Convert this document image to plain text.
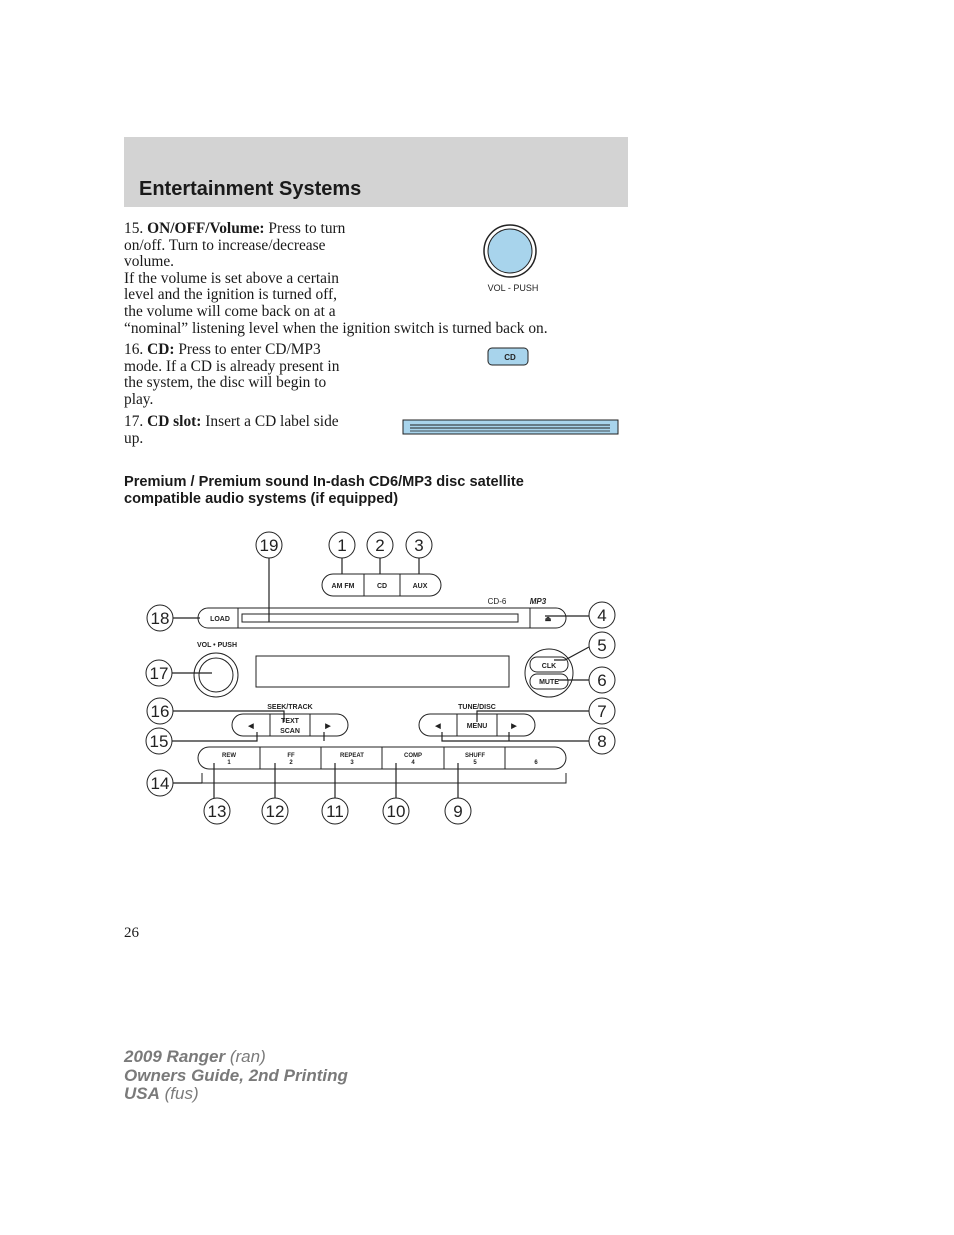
Entertainment Systems
15. ON/OFF/Volume: Press to turn
on/off. Turn to increase/decrease
volume.
If the volume is set above a certain
level and the ignition is turned off,
the volume will come back on at a
“nominal” listening level when the ignition switch is turned back on.
VOL - PUSH
16. CD: Press to enter CD/MP3
mode. If a CD is already present in
the system, the disc will begin to
play.
CD
17. CD slot: Insert a CD label side
up.
Premium / Premium sound In-dash CD6/MP3 disc satellite compatible audio systems (if equipped)
19	1 2 3
18	4
5
17	6
16	7
15	8
14
13 12 11	10	9
AM FM	CD	AUX
LOAD	⏏
VOL • PUSH
CLK
MUTE
SEEK/TRACK
TEXT
SCAN
TUNE/DISC
MENU
◀	▶	◀	▶
CD-6	MP3
REW
1
FF
2
REPEAT
3
COMP
4
SHUFF
5	6
26
2009 Ranger (ran)
Owners Guide, 2nd Printing
USA (fus)
